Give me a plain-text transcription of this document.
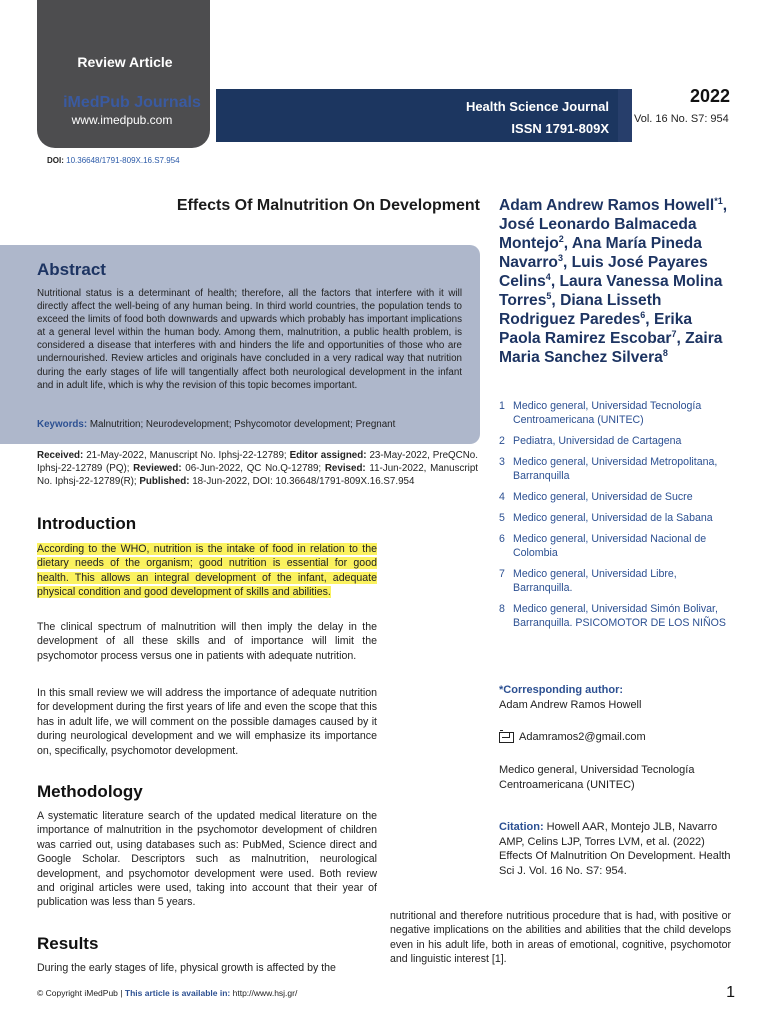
Review Article
iMedPub Journals
www.imedpub.com
Health Science Journal
ISSN 1791-809X
2022
Vol. 16 No. S7: 954
DOI: 10.36648/1791-809X.16.S7.954
Effects Of Malnutrition On Development
Abstract
Nutritional status is a determinant of health; therefore, all the factors that interfere with it will directly affect the well-being of any human being. In third world countries, the population tends to exceed the limits of food both downwards and upwards which probably has important implications at a general level within the human body. Among them, malnutrition, a public health problem, is considered a disease that interferes with and hinders the life and opportunities of those who are undernourished. Review articles and originals have concluded in a very radical way that nutrition during the early stages of life will tangentially affect both neurological development in the infant and in adult life, which is why the revision of this topic becomes important.
Keywords: Malnutrition; Neurodevelopment; Pshycomotor development; Pregnant
Received: 21-May-2022, Manuscript No. Iphsj-22-12789; Editor assigned: 23-May-2022, PreQCNo. Iphsj-22-12789 (PQ); Reviewed: 06-Jun-2022, QC No.Q-12789; Revised: 11-Jun-2022, Manuscript No. Iphsj-22-12789(R); Published: 18-Jun-2022, DOI: 10.36648/1791-809X.16.S7.954
Introduction
According to the WHO, nutrition is the intake of food in relation to the dietary needs of the organism; good nutrition is essential for good health. This allows an integral development of the infant, adequate physical condition and good development of skills and abilities.
The clinical spectrum of malnutrition will then imply the delay in the development of all these skills and of importance will limit the psychomotor process versus one in patients with adequate nutrition.
In this small review we will address the importance of adequate nutrition for development during the first years of life and even the scope that this has in adult life, we will comment on the possible damages caused by it during neurological development and we will emphasize its importance on, specifically, psychomotor development.
Methodology
A systematic literature search of the updated medical literature on the importance of malnutrition in the psychomotor development of children was carried out, using databases such as: PubMed, Science direct and Google Scholar. Descriptors such as malnutrition, neurological development, and psychomotor development were used. Both review and original articles were used, taking into account that their year of publication was less than 5 years.
Results
During the early stages of life, physical growth is affected by the
nutritional and therefore nutritious procedure that is had, with positive or negative implications on the abilities and abilities that the child develops even in his adult life, both in areas of emotional, cognitive, psychomotor and linguistic interest [1].
Adam Andrew Ramos Howell$^{*1}$, José Leonardo Balmaceda Montejo$^2$, Ana María Pineda Navarro$^3$, Luis José Payares Celins$^4$, Laura Vanessa Molina Torres$^5$, Diana Lisseth Rodriguez Paredes$^6$, Erika Paola Ramirez Escobar$^7$, Zaira Maria Sanchez Silvera$^8$
1 Medico general, Universidad Tecnología Centroamericana (UNITEC)
2 Pediatra, Universidad de Cartagena
3 Medico general, Universidad Metropolitana, Barranquilla
4 Medico general, Universidad de Sucre
5 Medico general, Universidad de la Sabana
6 Medico general, Universidad Nacional de Colombia
7 Medico general, Universidad Libre, Barranquilla.
8 Medico general, Universidad Simón Bolivar, Barranquilla. PSICOMOTOR DE LOS NIÑOS
*Corresponding author:
Adam Andrew Ramos Howell
Adamramos2@gmail.com
Medico general, Universidad Tecnología Centroamericana (UNITEC)
Citation: Howell AAR, Montejo JLB, Navarro AMP, Celins LJP, Torres LVM, et al. (2022) Effects Of Malnutrition On Development. Health Sci J. Vol. 16 No. S7: 954.
© Copyright iMedPub | This article is available in: http://www.hsj.gr/	1
